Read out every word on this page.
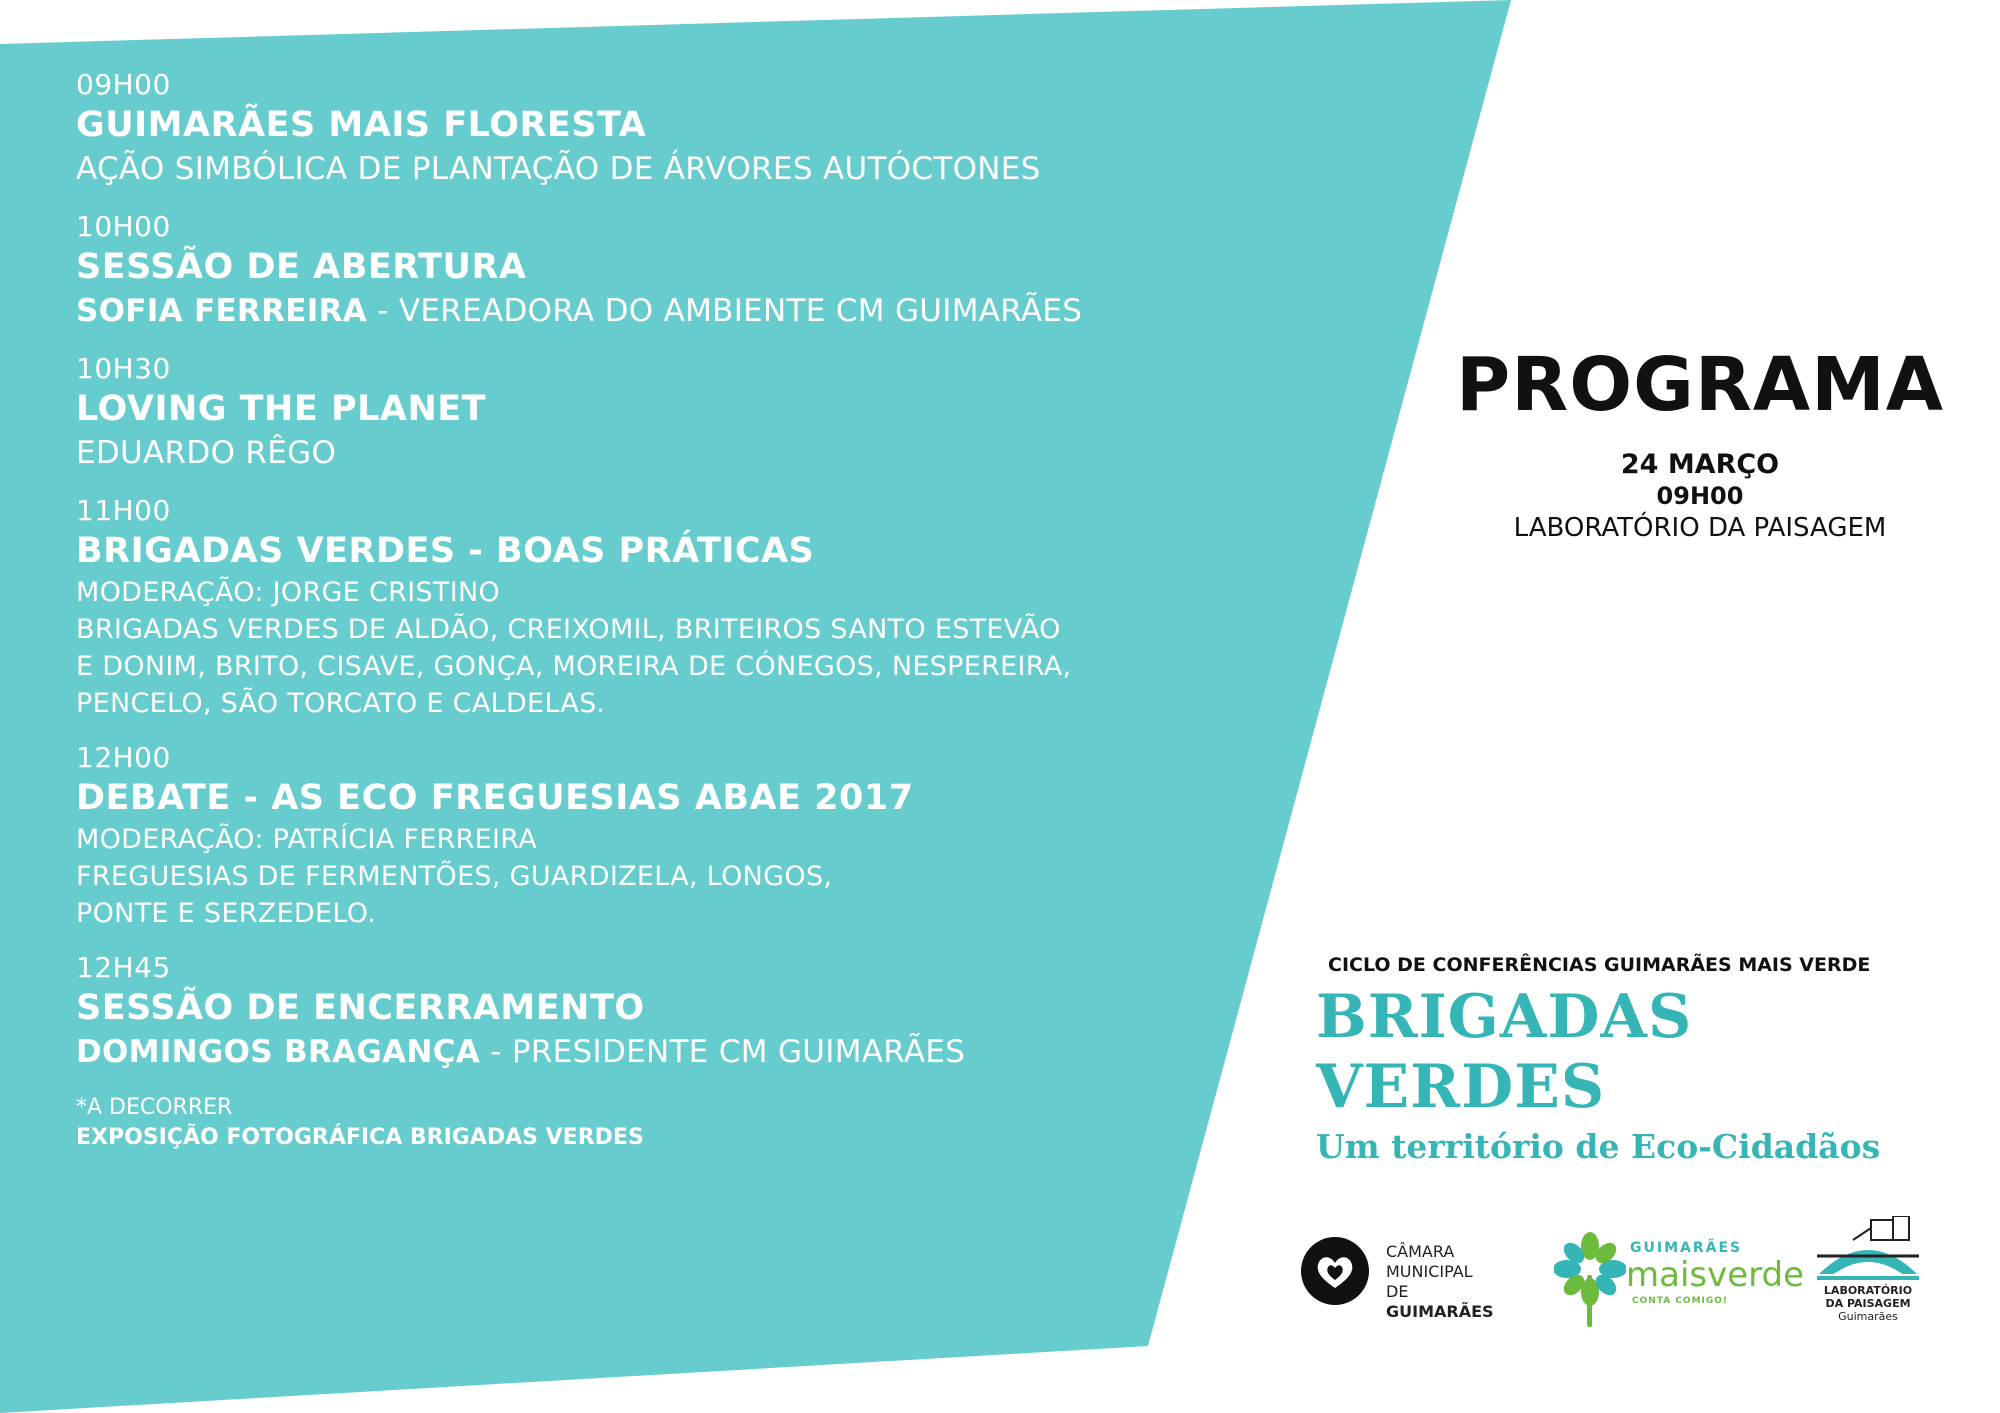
09H00
GUIMARÃES MAIS FLORESTA
AÇÃO SIMBÓLICA DE PLANTAÇÃO DE ÁRVORES AUTÓCTONES
10H00
SESSÃO DE ABERTURA
SOFIA FERREIRA - VEREADORA DO AMBIENTE CM GUIMARÃES
10H30
LOVING THE PLANET
EDUARDO RÊGO
11H00
BRIGADAS VERDES - BOAS PRÁTICAS
MODERAÇÃO: JORGE CRISTINO
BRIGADAS VERDES DE ALDÃO, CREIXOMIL, BRITEIROS SANTO ESTEVÃO
E DONIM, BRITO, CISAVE, GONÇA, MOREIRA DE CÓNEGOS, NESPEREIRA,
PENCELO, SÃO TORCATO E CALDELAS.
12H00
DEBATE - AS ECO FREGUESIAS ABAE 2017
MODERAÇÃO: PATRÍCIA FERREIRA
FREGUESIAS DE FERMENTÕES, GUARDIZELA, LONGOS,
PONTE E SERZEDELO.
12H45
SESSÃO DE ENCERRAMENTO
DOMINGOS BRAGANÇA - PRESIDENTE CM GUIMARÃES
*A DECORRER
EXPOSIÇÃO FOTOGRÁFICA BRIGADAS VERDES
PROGRAMA
24 MARÇO
09H00
LABORATÓRIO DA PAISAGEM
CICLO DE CONFERÊNCIAS GUIMARÃES MAIS VERDE
BRIGADAS VERDES
Um território de Eco-Cidadãos
CÂMARA
MUNICIPAL DE
GUIMARÃES
GUIMARÃES
maisverde
CONTA COMIGO!
LABORATÓRIO
DA PAISAGEM
Guimarães
